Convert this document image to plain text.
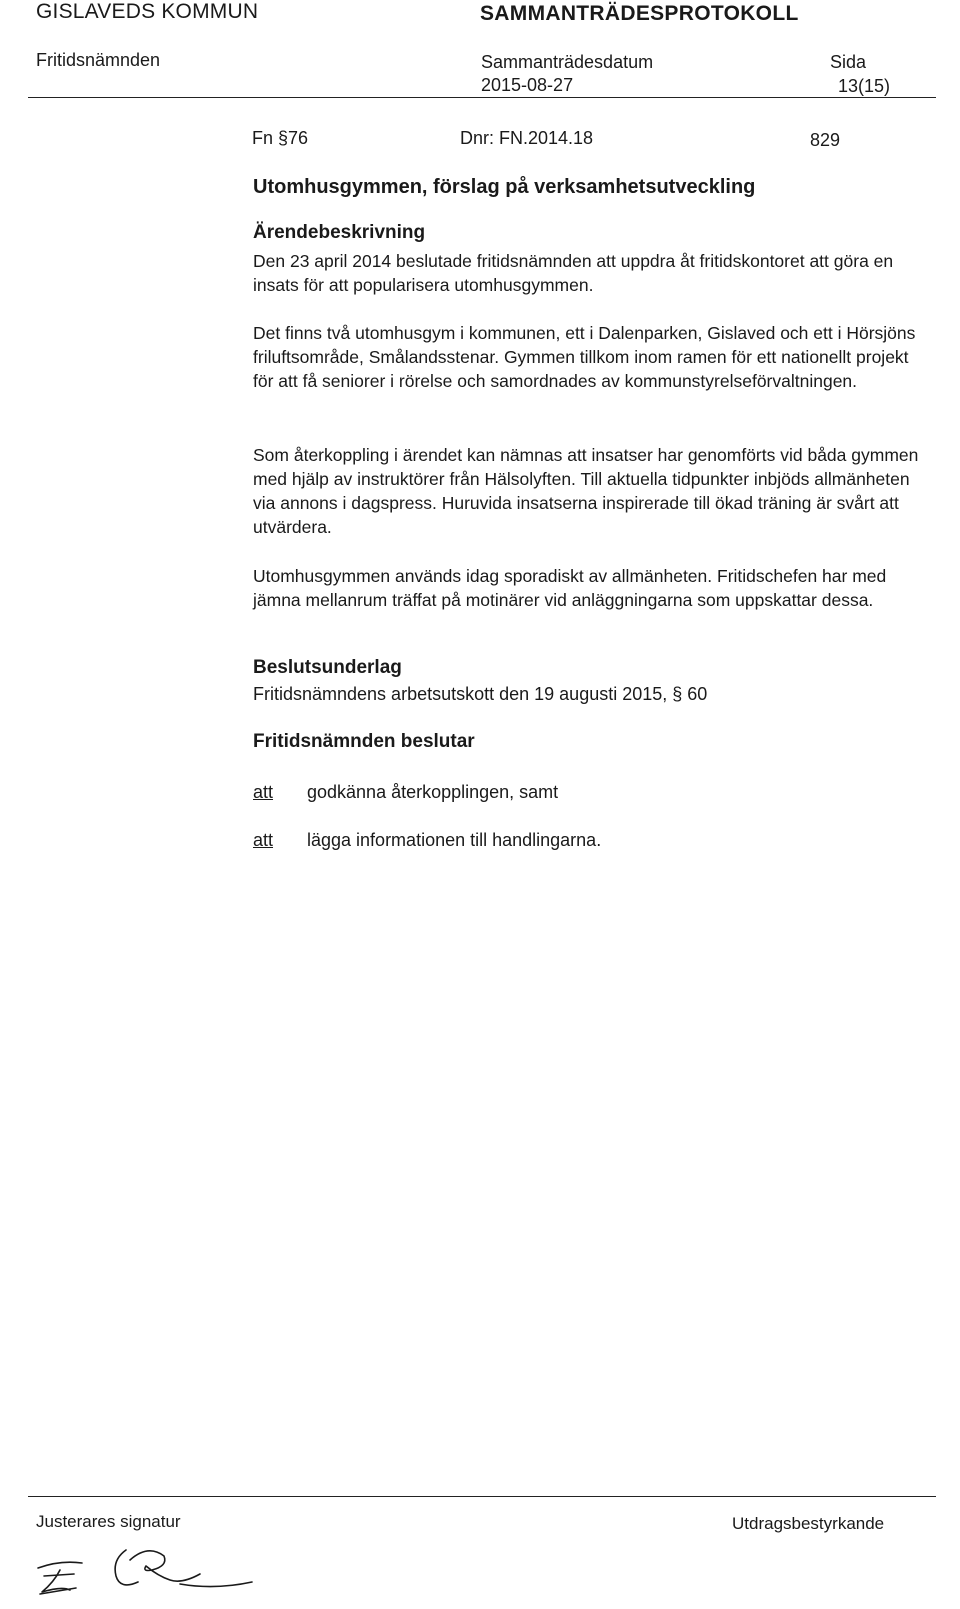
GISLAVEDS KOMMUN	SAMMANTRÄDESPROTOKOLL
Fritidsnämnden	Sammanträdesdatum
2015-08-27
Sida
13(15)
Fn §76	Dnr: FN.2014.18	829
Utomhusgymmen, förslag på verksamhetsutveckling
Ärendebeskrivning

Den 23 april 2014 beslutade fritidsnämnden att uppdra åt fritidskontoret att göra en insats för att popularisera utomhusgymmen.

Det finns två utomhusgym i kommunen, ett i Dalenparken, Gislaved och ett i Hörsjöns friluftsområde, Smålandsstenar. Gymmen tillkom inom ramen för ett nationellt projekt för att få seniorer i rörelse och samordnades av kommunstyrelseförvaltningen.

Som återkoppling i ärendet kan nämnas att insatser har genomförts vid båda gymmen med hjälp av instruktörer från Hälsolyften. Till aktuella tidpunkter inbjöds allmänheten via annons i dagspress. Huruvida insatserna inspirerade till ökad träning är svårt att utvärdera.

Utomhusgymmen används idag sporadiskt av allmänheten. Fritidschefen har med jämna mellanrum träffat på motinärer vid anläggningarna som uppskattar dessa.

Beslutsunderlag
Fritidsnämndens arbetsutskott den 19 augusti 2015, § 60
Fritidsnämnden beslutar
att godkänna återkopplingen, samt
att lägga informationen till handlingarna.
Justerares signatur	Utdragsbestyrkande
